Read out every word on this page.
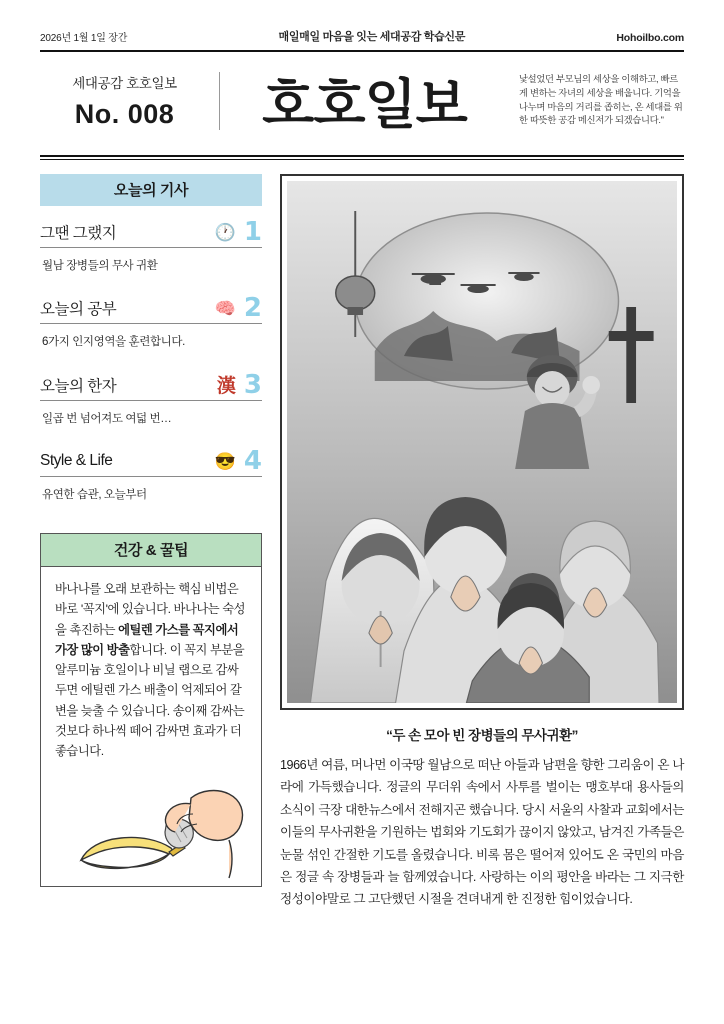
2026년 1월 1일 장간	매일매일 마음을 잇는 세대공감 학습신문	Hohoilbo.com
세대공감 호호일보
No. 008	호호일보	낯설었던 부모님의 세상을 이해하고, 빠르게 변하는 자녀의 세상을 배웁니다. 기억을 나누며 마음의 거리를 좁히는, 온 세대를 위한 따뜻한 공감 메신저가 되겠습니다."
오늘의 기사
그땐 그랬지	🕐 1
월남 장병들의 무사 귀환
오늘의 공부	🧠 2
6가지 인지영역을 훈련합니다.
오늘의 한자	漢 3
일곱 번 넘어져도 여덟 번…
Style & Life	😎 4
유연한 습관, 오늘부터
건강 & 꿀팁
바나나를 오래 보관하는 핵심 비법은 바로 '꼭지'에 있습니다. 바나나는 숙성을 촉진하는 에틸렌 가스를 꼭지에서 가장 많이 방출합니다. 이 꼭지 부분을 알루미늄 호일이나 비닐 랩으로 감싸두면 에틸렌 가스 배출이 억제되어 갈변을 늦출 수 있습니다. 송이째 감싸는 것보다 하나씩 떼어 감싸면 효과가 더 좋습니다.
“두 손 모아 빈 장병들의 무사귀환”
1966년 여름, 머나먼 이국땅 월남으로 떠난 아들과 남편을 향한 그리움이 온 나라에 가득했습니다. 정글의 무더위 속에서 사투를 벌이는 맹호부대 용사들의 소식이 극장 대한뉴스에서 전해지곤 했습니다. 당시 서울의 사찰과 교회에서는 이들의 무사귀환을 기원하는 법회와 기도회가 끊이지 않았고, 남겨진 가족들은 눈물 섞인 간절한 기도를 올렸습니다. 비록 몸은 떨어져 있어도 온 국민의 마음은 정글 속 장병들과 늘 함께였습니다. 사랑하는 이의 평안을 바라는 그 지극한 정성이야말로 그 고단했던 시절을 견뎌내게 한 진정한 힘이었습니다.
